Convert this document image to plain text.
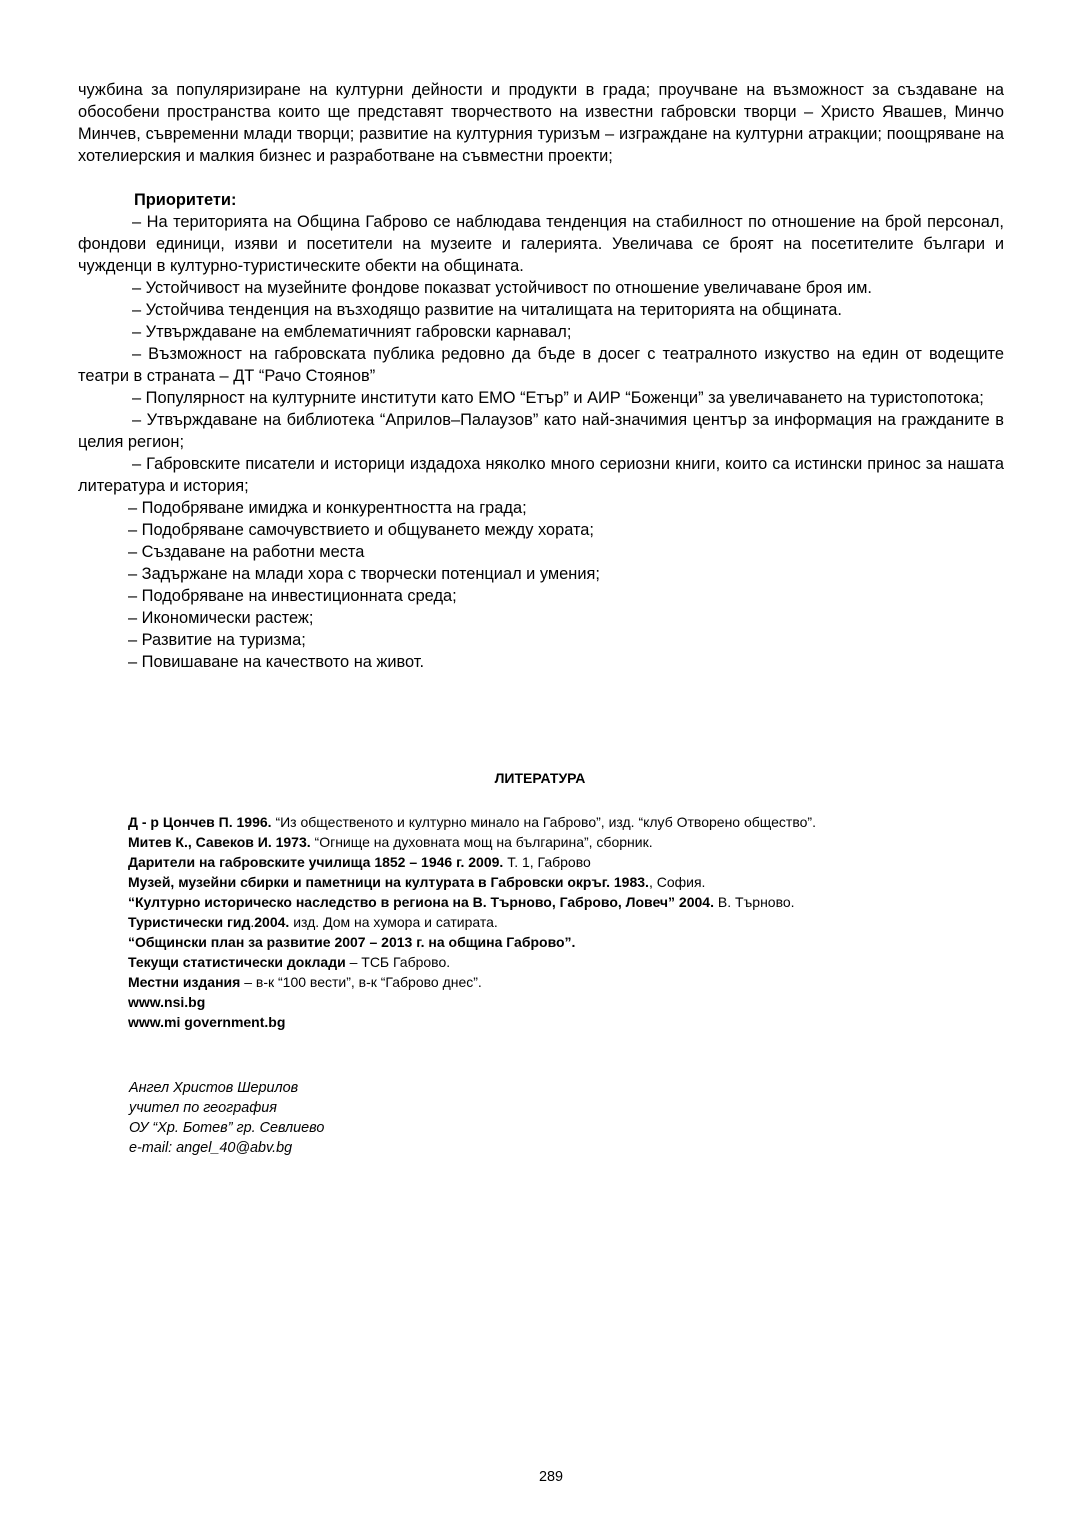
чужбина за популяризиране на културни дейности и продукти в града; проучване на възможност за създаване на обособени пространства които ще представят творчеството на известни габровски творци – Христо Явашев, Минчо Минчев, съвременни млади творци; развитие на културния туризъм – изграждане на културни атракции; поощряване на хотелиерския и малкия бизнес и разработване на съвместни проекти;

Приоритети:

– На територията на Община Габрово се наблюдава тенденция на стабилност по отношение на брой персонал, фондови единици, изяви и посетители на музеите и галерията. Увеличава се броят на посетителите българи и чужденци в културно-туристическите обекти на общината.

– Устойчивост на музейните фондове показват устойчивост по отношение увеличаване броя им.

– Устойчива тенденция на възходящо развитие на читалищата на територията на общината.

– Утвърждаване на емблематичният габровски карнавал;

– Възможност на габровската публика редовно да бъде в досег с театралното изкуство на един от водещите театри в страната – ДТ “Рачо Стоянов”

– Популярност на културните институти като ЕМО “Етър” и АИР “Боженци” за увеличаването на туристопотока;

– Утвърждаване на библиотека “Априлов–Палаузов” като най-значимия център за информация на гражданите в целия регион;

– Габровските писатели и историци издадоха няколко много сериозни книги, които са истински принос за нашата литература и история;

– Подобряване имиджа и конкурентността на града;

– Подобряване самочувствието и общуването между хората;

– Създаване на работни места

– Задържане на млади хора с творчески потенциал и умения;

– Подобряване на инвестиционната среда;

– Икономически растеж;

– Развитие на туризма;

– Повишаване на качеството на живот.

ЛИТЕРАТУРА

Д - р Цончев П. 1996. “Из общественото и културно минало на Габрово”, изд. “клуб Отворено общество”.

Митев К., Савеков И. 1973. “Огнище на духовната мощ на българина”, сборник.

Дарители на габровските училища 1852 – 1946 г. 2009. Т. 1, Габрово

Музей, музейни сбирки и паметници на културата в Габровски окръг. 1983., София.

“Културно историческо наследство в региона на В. Търново, Габрово, Ловеч” 2004. В. Търново.

Туристически гид.2004. изд. Дом на хумора и сатирата.

“Общински план за развитие 2007 – 2013 г. на община Габрово”.

Текущи статистически доклади – ТСБ Габрово.

Местни издания – в-к “100 вести”, в-к “Габрово днес”.

www.nsi.bg

www.mi government.bg

Ангел Христов Шерилов

учител по география

ОУ “Хр. Ботев” гр. Севлиево

e-mail: angel_40@abv.bg

289
